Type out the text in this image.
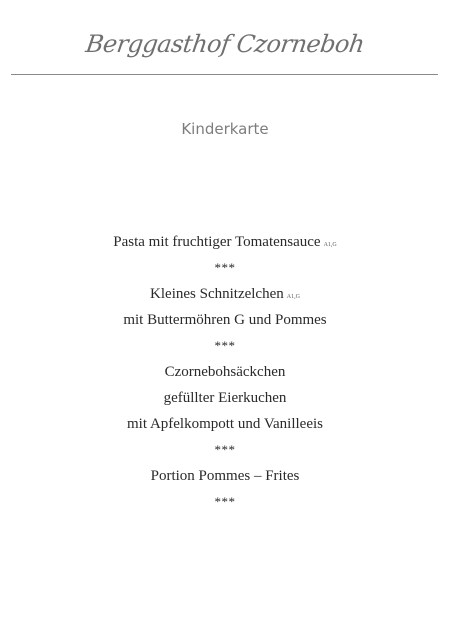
Berggasthof Czorneboh
Kinderkarte
Pasta mit fruchtiger Tomatensauce A1,G
***
Kleines Schnitzelchen A1,G
mit Buttermöhren G und Pommes
***
Czornebohsäckchen
gefüllter Eierkuchen
mit Apfelkompott und Vanilleeis
***
Portion Pommes – Frites
***
